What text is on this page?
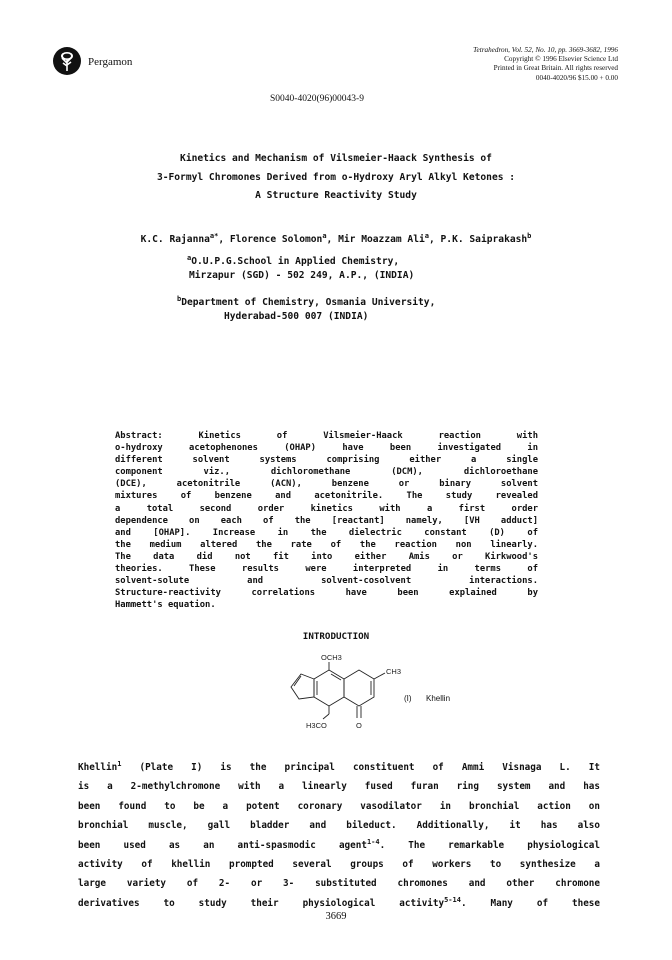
Pergamon
Tetrahedron, Vol. 52, No. 10, pp. 3669-3682, 1996
Copyright © 1996 Elsevier Science Ltd
Printed in Great Britain. All rights reserved
0040-4020/96 $15.00 + 0.00
S0040-4020(96)00043-9
Kinetics and Mechanism of Vilsmeier-Haack Synthesis of
3-Formyl Chromones Derived from o-Hydroxy Aryl Alkyl Ketones :
A Structure Reactivity Study
K.C. Rajanna$^{a*}$, Florence Solomon$^a$, Mir Moazzam Ali$^a$, P.K. Saiprakash$^b$
$^a$O.U.P.G.School in Applied Chemistry,
Mirzapur (SGD) - 502 249, A.P., (INDIA)
$^b$Department of Chemistry, Osmania University,
Hyderabad-500 007 (INDIA)
Abstract: Kinetics of Vilsmeier-Haack reaction with
o-hydroxy acetophenones (OHAP) have been investigated in
different solvent systems comprising either a single
component viz., dichloromethane (DCM), dichloroethane
(DCE), acetonitrile (ACN), benzene or binary solvent
mixtures of benzene and acetonitrile. The study revealed
a total second order kinetics with a first order
dependence on each of the [reactant] namely, [VH adduct]
and [OHAP]. Increase in the dielectric constant (D) of
the medium altered the rate of the reaction non linearly.
The data did not fit into either Amis or Kirkwood's
theories. These results were interpreted in terms of
solvent-solute and solvent-cosolvent interactions.
Structure-reactivity correlations have been explained by
Hammett's equation.
INTRODUCTION
OCH3
CH3
H3CO	O
(I) Khellin
Khellin$^1$ (Plate I) is the principal constituent of Ammi Visnaga L. It
is a 2-methylchromone with a linearly fused furan ring system and has
been found to be a potent coronary vasodilator in bronchial action on
bronchial muscle, gall bladder and bileduct. Additionally, it has also
been used as an anti-spasmodic agent$^{1-4}$. The remarkable physiological
activity of khellin prompted several groups of workers to synthesize a
large variety of 2- or 3- substituted chromones and other chromone
derivatives to study their physiological activity$^{5-14}$. Many of these
3669
